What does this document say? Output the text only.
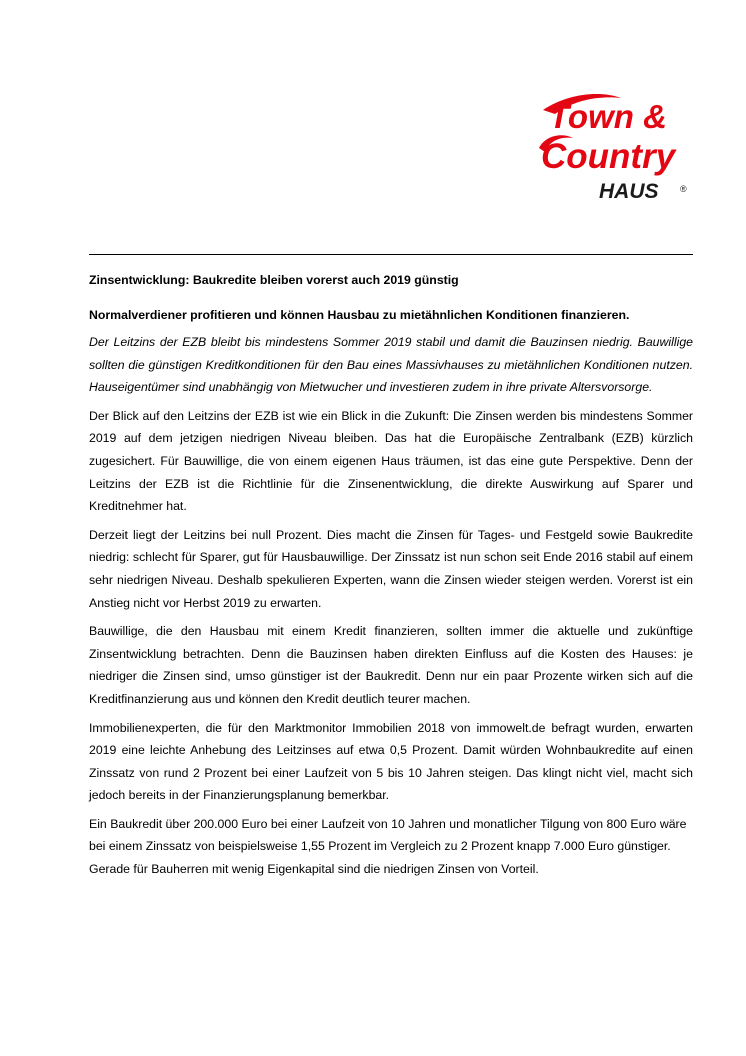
Town &
Country
HAUS ®
Zinsentwicklung: Baukredite bleiben vorerst auch 2019 günstig
Normalverdiener profitieren und können Hausbau zu mietähnlichen Konditionen finanzieren.

Der Leitzins der EZB bleibt bis mindestens Sommer 2019 stabil und damit die Bauzinsen niedrig. Bauwillige sollten die günstigen Kreditkonditionen für den Bau eines Massivhauses zu mietähnlichen Konditionen nutzen. Hauseigentümer sind unabhängig von Mietwucher und investieren zudem in ihre private Altersvorsorge.

Der Blick auf den Leitzins der EZB ist wie ein Blick in die Zukunft: Die Zinsen werden bis mindestens Sommer 2019 auf dem jetzigen niedrigen Niveau bleiben. Das hat die Europäische Zentralbank (EZB) kürzlich zugesichert. Für Bauwillige, die von einem eigenen Haus träumen, ist das eine gute Perspektive. Denn der Leitzins der EZB ist die Richtlinie für die Zinsenentwicklung, die direkte Auswirkung auf Sparer und Kreditnehmer hat.

Derzeit liegt der Leitzins bei null Prozent. Dies macht die Zinsen für Tages- und Festgeld sowie Baukredite niedrig: schlecht für Sparer, gut für Hausbauwillige. Der Zinssatz ist nun schon seit Ende 2016 stabil auf einem sehr niedrigen Niveau. Deshalb spekulieren Experten, wann die Zinsen wieder steigen werden. Vorerst ist ein Anstieg nicht vor Herbst 2019 zu erwarten.

Bauwillige, die den Hausbau mit einem Kredit finanzieren, sollten immer die aktuelle und zukünftige Zinsentwicklung betrachten. Denn die Bauzinsen haben direkten Einfluss auf die Kosten des Hauses: je niedriger die Zinsen sind, umso günstiger ist der Baukredit. Denn nur ein paar Prozente wirken sich auf die Kreditfinanzierung aus und können den Kredit deutlich teurer machen.

Immobilienexperten, die für den Marktmonitor Immobilien 2018 von immowelt.de befragt wurden, erwarten 2019 eine leichte Anhebung des Leitzinses auf etwa 0,5 Prozent. Damit würden Wohnbaukredite auf einen Zinssatz von rund 2 Prozent bei einer Laufzeit von 5 bis 10 Jahren steigen. Das klingt nicht viel, macht sich jedoch bereits in der Finanzierungsplanung bemerkbar.

Ein Baukredit über 200.000 Euro bei einer Laufzeit von 10 Jahren und monatlicher Tilgung von 800 Euro wäre bei einem Zinssatz von beispielsweise 1,55 Prozent im Vergleich zu 2 Prozent knapp 7.000 Euro günstiger. Gerade für Bauherren mit wenig Eigenkapital sind die niedrigen Zinsen von Vorteil.
